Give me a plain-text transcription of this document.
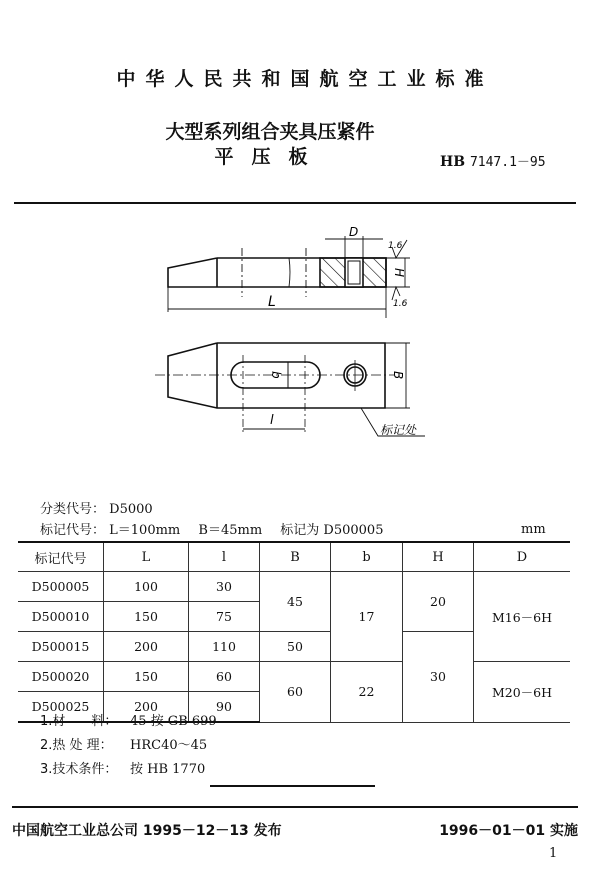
中华人民共和国航空工业标准
大型系列组合夹具压紧件
平压板	HB 7147.1－95
L
D
H
1.6
1.6
b	B
l
标记处
分类代号： D5000
标记代号： L＝100mm B＝45mm 标记为 D500005	mm
标记代号	L	l	B	b	H	D
D500005	100	30	45	17	20	M16－6H
D500010	150	75				
D500015	200	110	50		30	
D500020	150	60	60	22		M20－6H
D500025	200	90				
1.材　　料： 45 按 GB 699
2.热 处 理： HRC40～45
3.技术条件： 按 HB 1770
中国航空工业总公司 1995－12－13 发布	1996－01－01 实施
1
